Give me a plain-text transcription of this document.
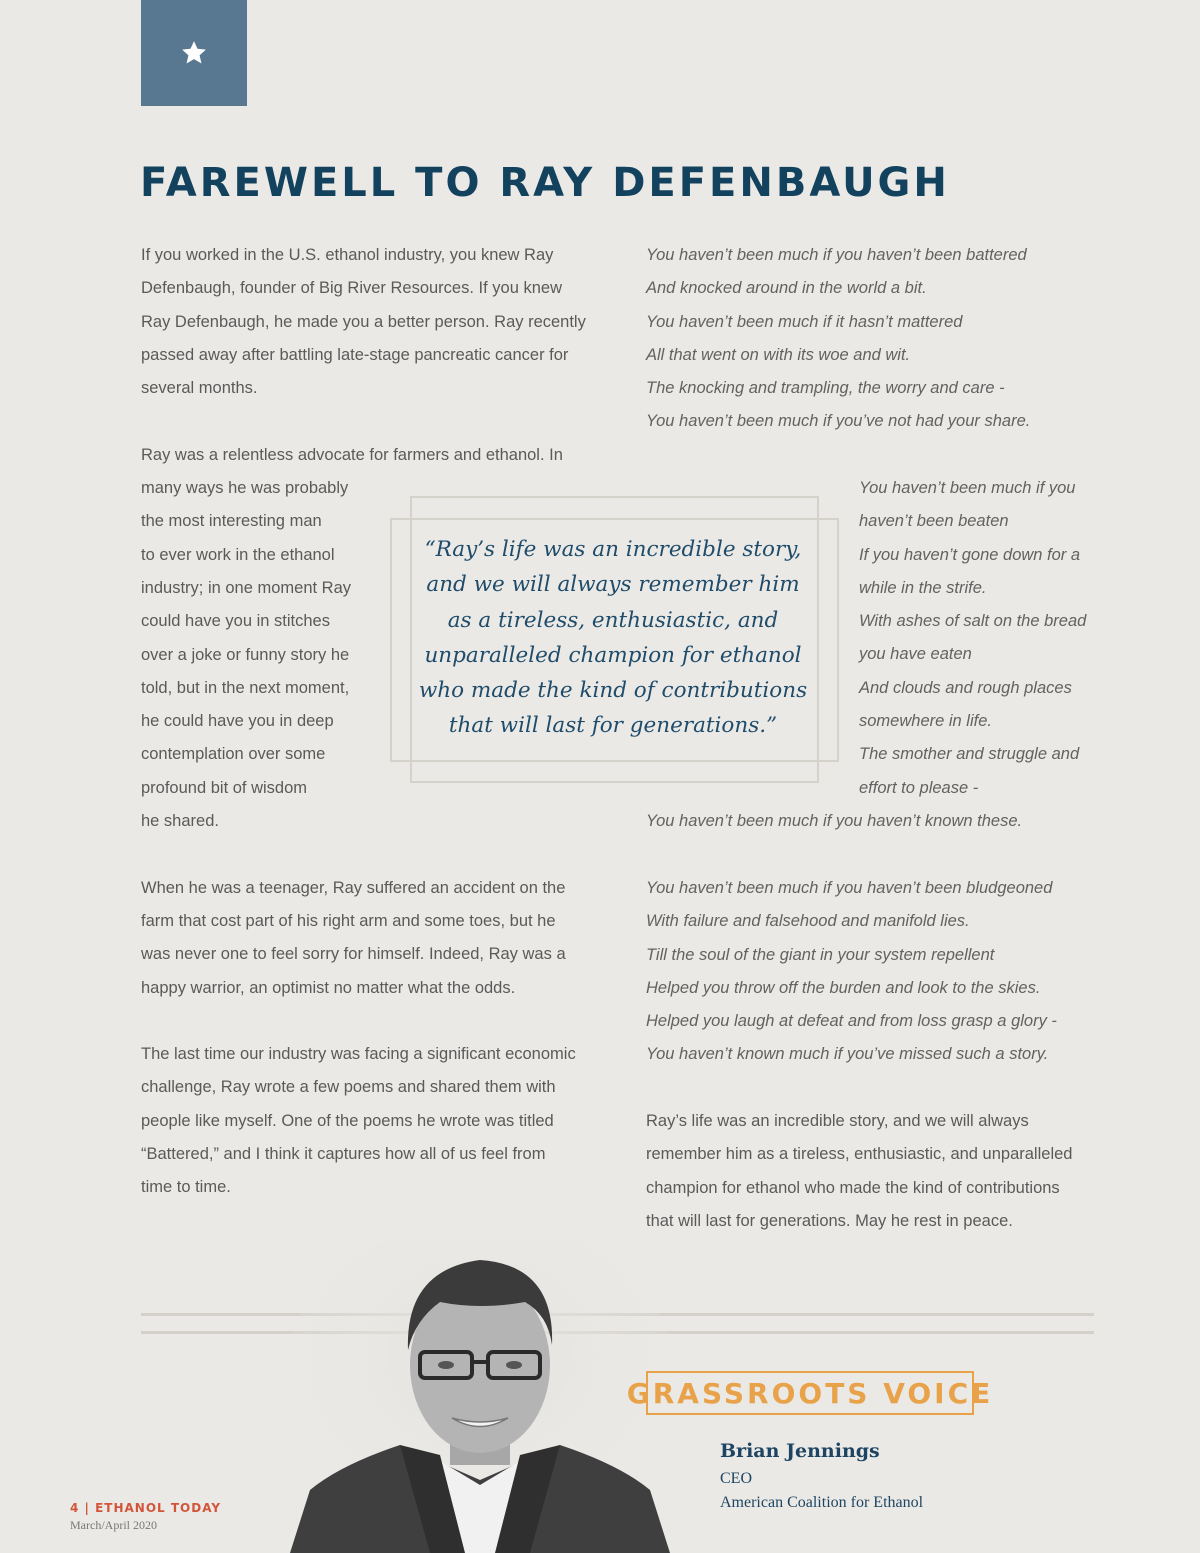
FAREWELL TO RAY DEFENBAUGH
If you worked in the U.S. ethanol industry, you knew Ray
Defenbaugh, founder of Big River Resources. If you knew
Ray Defenbaugh, he made you a better person. Ray recently
passed away after battling late-stage pancreatic cancer for
several months.
Ray was a relentless advocate for farmers and ethanol. In
many ways he was probably
the most interesting man
to ever work in the ethanol
industry; in one moment Ray
could have you in stitches
over a joke or funny story he
told, but in the next moment,
he could have you in deep
contemplation over some
profound bit of wisdom
he shared.
When he was a teenager, Ray suffered an accident on the
farm that cost part of his right arm and some toes, but he
was never one to feel sorry for himself. Indeed, Ray was a
happy warrior, an optimist no matter what the odds.
The last time our industry was facing a significant economic
challenge, Ray wrote a few poems and shared them with
people like myself. One of the poems he wrote was titled
“Battered,” and I think it captures how all of us feel from
time to time.
You haven’t been much if you haven’t been battered
And knocked around in the world a bit.
You haven’t been much if it hasn’t mattered
All that went on with its woe and wit.
The knocking and trampling, the worry and care -
You haven’t been much if you’ve not had your share.
You haven’t been much if you
haven’t been beaten
If you haven’t gone down for a
while in the strife.
With ashes of salt on the bread
you have eaten
And clouds and rough places
somewhere in life.
The smother and struggle and
effort to please -
You haven’t been much if you haven’t known these.
You haven’t been much if you haven’t been bludgeoned
With failure and falsehood and manifold lies.
Till the soul of the giant in your system repellent
Helped you throw off the burden and look to the skies.
Helped you laugh at defeat and from loss grasp a glory -
You haven’t known much if you’ve missed such a story.
Ray’s life was an incredible story, and we will always
remember him as a tireless, enthusiastic, and unparalleled
champion for ethanol who made the kind of contributions
that will last for generations. May he rest in peace.
“Ray’s life was an incredible story,
and we will always remember him
as a tireless, enthusiastic, and
unparalleled champion for ethanol
who made the kind of contributions
that will last for generations.”
GRASSROOTS VOICE
Brian Jennings
CEO
American Coalition for Ethanol
4 | ETHANOL TODAY
March/April 2020
